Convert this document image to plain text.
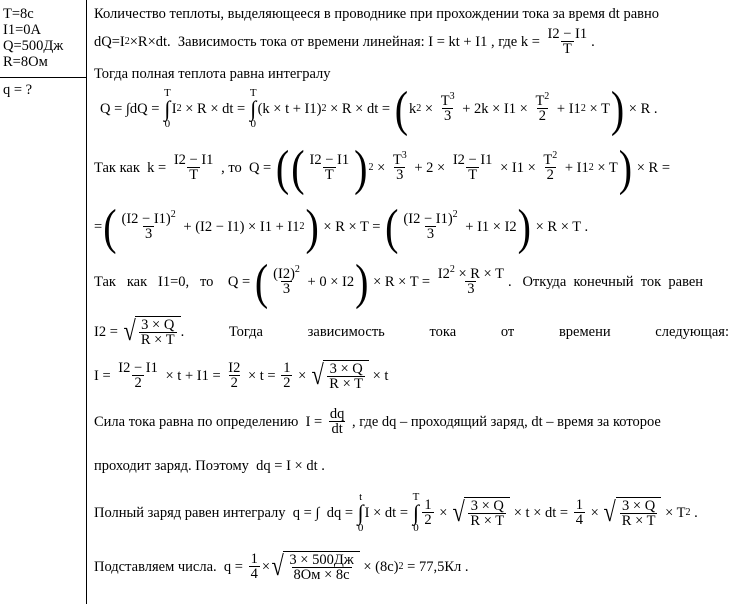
T=8с
I1=0А
Q=500Дж
R=8Ом
q = ?
Количество теплоты, выделяющееся в проводнике при прохождении тока за время dt равно
dQ=I 2 ×R×dt.  Зависимость тока от времени линейная: I = kt + I1 , где $k = \frac{I2 - I1}{T}$ .
Тогда полная теплота равна интегралу
Q = ∫dQ =
T
∫
0
I 2 × R × dt =
T
∫
0
(k × t + I1) 2 × R × dt = ( k $2 \times \frac{T^3}{3} + 2k \times I1 \times \frac{T^2}{2} + I1$ 2 × T ) × R .
Так как  $k = \frac{I2 - I1}{T}$ , то  Q = ( ( $\frac{I2 - I1}{T}$ ) $2 \times \frac{T^3}{3} + 2 \times \frac{I2 - I1}{T} \times I1 \times \frac{T^2}{2} + I1$ 2 × T ) × R =
= ( $\frac{(I2 - I1)^2}{3} + (I2 - I1) \times I1 + I1$ 2 ) × R × T = ( $\frac{(I2 - I1)^2}{3} + I1 \times I2$ ) × R × T .
Так   как   I1=0,   то    Q = ( $\frac{(I2)^2}{3} + 0 \times I2$ ) × $R \times T = \frac{I2^2 \times R \times T}{3}$ .   Откуда  конечный  ток  равен
I2 = √ $\frac{3 \times Q}{R \times T}$ .	Тогда	зависимость	тока	от	времени	следующая:
$I = \frac{I2 - I1}{2} \times t + I1 = \frac{I2}{2} \times t = \frac{1}{2}$ × √ $\frac{3 \times Q}{R \times T} \times t$
Сила тока равна по определению  $I = \frac{dq}{dt}$ , где dq – проходящий заряд, dt – время за которое
проходит заряд. Поэтому  dq = I × dt .
Полный заряд равен интегралу  q = ∫  dq =
t
∫
0
I × dt =
T
∫
$0 \frac{1}{2}$ × √ $\frac{3 \times Q}{R \times T} \times t$ × dt = $\frac{1}{4}$ × √ $\frac{3 \times Q}{R \times T} \times T$ 2 .
Подставляем числа.  $q = \frac{1}{4}$ × √ $\frac{3 \times 500Дж}{8Ом \times 8с} \times (8с) 2 = 77,5Кл$ .
